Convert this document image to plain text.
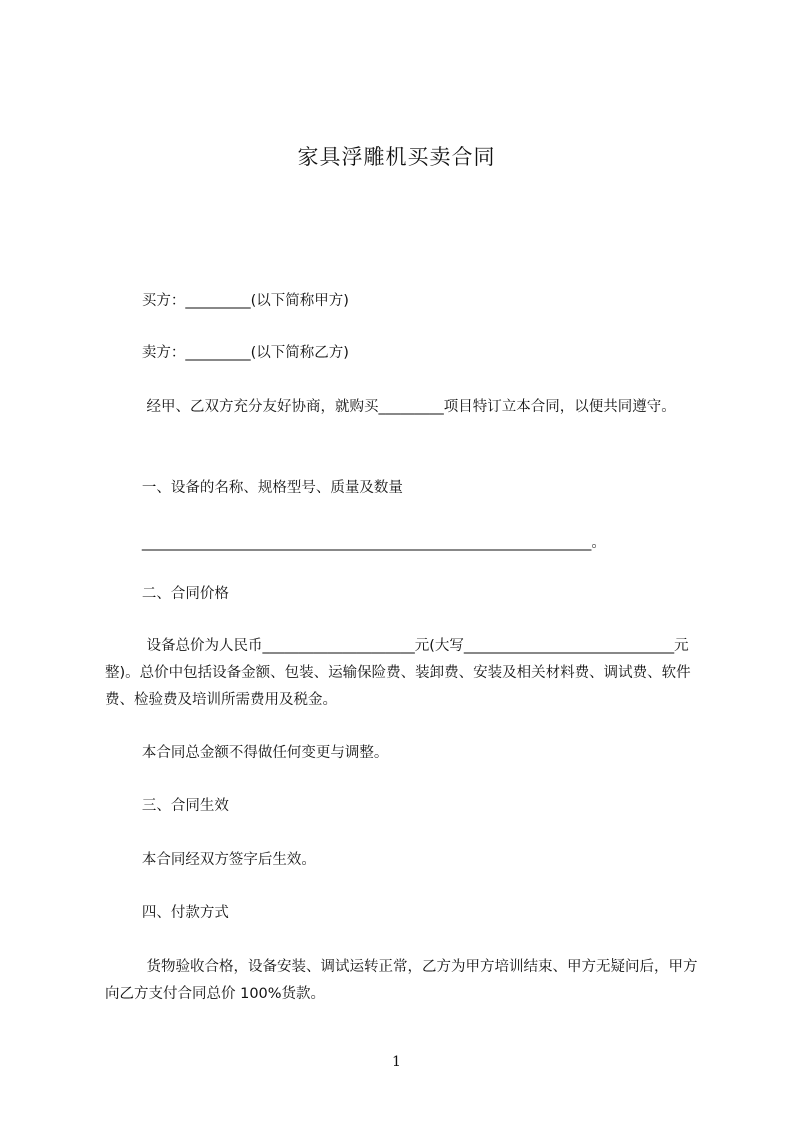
家具浮雕机买卖合同
买方：_________(以下简称甲方)
卖方：_________(以下简称乙方)
经甲、乙双方充分友好协商，就购买_________项目特订立本合同，以便共同遵守。
一、设备的名称、规格型号、质量及数量
______________________________________________________________。
二、合同价格
设备总价为人民币_____________________元(大写_____________________________元整)。总价中包括设备金额、包装、运输保险费、装卸费、安装及相关材料费、调试费、软件费、检验费及培训所需费用及税金。
本合同总金额不得做任何变更与调整。
三、合同生效
本合同经双方签字后生效。
四、付款方式
货物验收合格，设备安装、调试运转正常，乙方为甲方培训结束、甲方无疑问后，甲方向乙方支付合同总价 100%货款。
1
